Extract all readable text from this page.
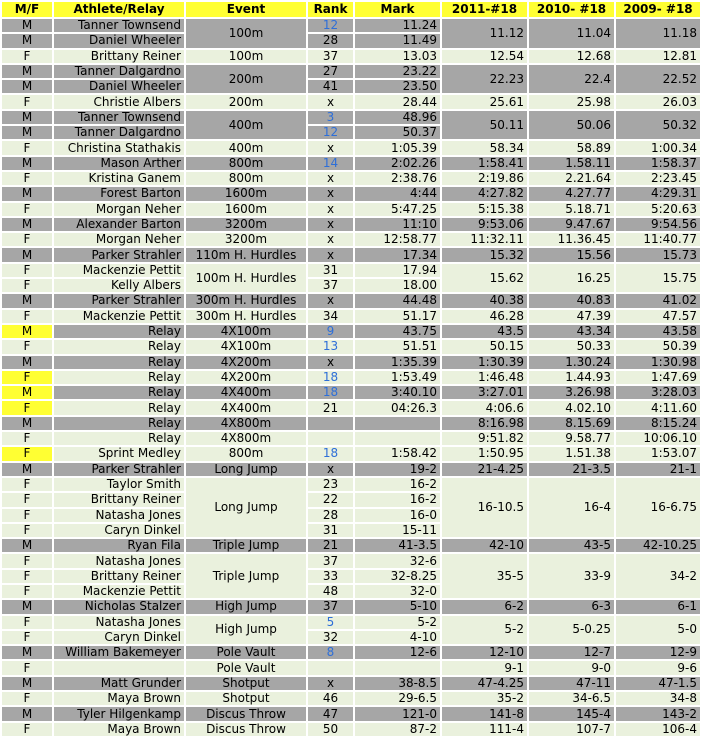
M/F	Athlete/Relay	Event	Rank	Mark	2011-#18	2010- #18	2009- #18
M	Tanner Townsend	100m	12	11.24	11.12	11.04	11.18
M	Daniel Wheeler		28	11.49			
F	Brittany Reiner	100m	37	13.03	12.54	12.68	12.81
M	Tanner Dalgardno	200m	27	23.22	22.23	22.4	22.52
M	Daniel Wheeler		41	23.50			
F	Christie Albers	200m	x	28.44	25.61	25.98	26.03
M	Tanner Townsend	400m	3	48.96	50.11	50.06	50.32
M	Tanner Dalgardno		12	50.37			
F	Christina Stathakis	400m	x	1:05.39	58.34	58.89	1:00.34
M	Mason Arther	800m	14	2:02.26	1:58.41	1.58.11	1:58.37
F	Kristina Ganem	800m	x	2:38.76	2:19.86	2.21.64	2:23.45
M	Forest Barton	1600m	x	4:44	4:27.82	4.27.77	4:29.31
F	Morgan Neher	1600m	x	5:47.25	5:15.38	5.18.71	5:20.63
M	Alexander Barton	3200m	x	11:10	9:53.06	9.47.67	9:54.56
F	Morgan Neher	3200m	x	12:58.77	11:32.11	11.36.45	11:40.77
M	Parker Strahler	110m H. Hurdles	x	17.34	15.32	15.56	15.73
F	Mackenzie Pettit	100m H. Hurdles	31	17.94	15.62	16.25	15.75
F	Kelly Albers		37	18.00			
M	Parker Strahler	300m H. Hurdles	x	44.48	40.38	40.83	41.02
F	Mackenzie Pettit	300m H. Hurdles	34	51.17	46.28	47.39	47.57
M	Relay	4X100m	9	43.75	43.5	43.34	43.58
F	Relay	4X100m	13	51.51	50.15	50.33	50.39
M	Relay	4X200m	x	1:35.39	1:30.39	1.30.24	1:30.98
F	Relay	4X200m	18	1:53.49	1:46.48	1.44.93	1:47.69
M	Relay	4X400m	18	3:40.10	3:27.01	3.26.98	3:28.03
F	Relay	4X400m	21	04:26.3	4:06.6	4.02.10	4:11.60
M	Relay	4X800m			8:16.98	8.15.69	8:15.24
F	Relay	4X800m			9:51.82	9.58.77	10:06.10
F	Sprint Medley	800m	18	1:58.42	1:50.95	1.51.38	1:53.07
M	Parker Strahler	Long Jump	x	19-2	21-4.25	21-3.5	21-1
F	Taylor Smith	Long Jump	23	16-2	16-10.5	16-4	16-6.75
F	Brittany Reiner		22	16-2			
F	Natasha Jones		28	16-0			
F	Caryn Dinkel		31	15-11			
M	Ryan Fila	Triple Jump	21	41-3.5	42-10	43-5	42-10.25
F	Natasha Jones	Triple Jump	37	32-6	35-5	33-9	34-2
F	Brittany Reiner		33	32-8.25			
F	Mackenzie Pettit		48	32-0			
M	Nicholas Stalzer	High Jump	37	5-10	6-2	6-3	6-1
F	Natasha Jones	High Jump	5	5-2	5-2	5-0.25	5-0
F	Caryn Dinkel		32	4-10			
M	William Bakemeyer	Pole Vault	8	12-6	12-10	12-7	12-9
F		Pole Vault			9-1	9-0	9-6
M	Matt Grunder	Shotput	x	38-8.5	47-4.25	47-11	47-1.5
F	Maya Brown	Shotput	46	29-6.5	35-2	34-6.5	34-8
M	Tyler Hilgenkamp	Discus Throw	47	121-0	141-8	145-4	143-2
F	Maya Brown	Discus Throw	50	87-2	111-4	107-7	106-4
